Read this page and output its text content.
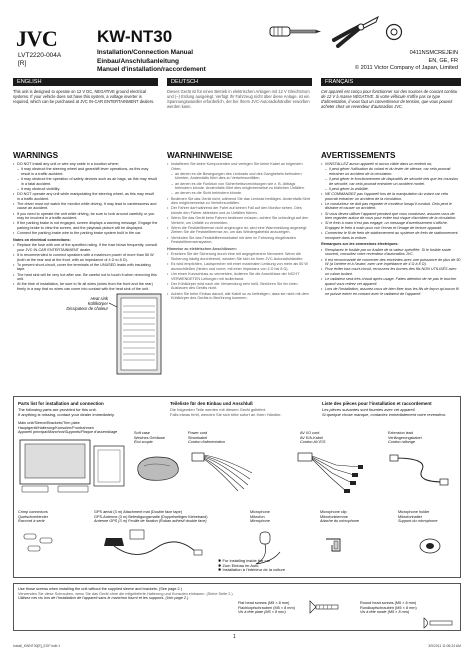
JVC KW-NT30
LVT2220-004A
[R]
Installation/Connection Manual
Einbau/Anschlußanleitung
Manuel d'installation/raccordement
0411NSMCREJEIN
EN, GE, FR
© 2011 Victor Company of Japan, Limited
ENGLISH	DEUTSCH	FRANÇAIS
This unit is designed to operate on 12 V DC, NEGATIVE ground electrical systems. If your vehicle does not have this system, a voltage inverter is required, which can be purchased at JVC IN-CAR ENTERTAINMENT dealers.
Dieses Gerät ist für einen Betrieb in elektrischen Anlagen mit 12 V Gleichstrom und (–) Erdung ausgelegt. Verfügt Ihr Fahrzeug nicht über diese Anlage, ist ein Spannungswandler erforderlich, der bei Ihrem JVC-Autoradiohändler erworben werden kann.
Cet appareil est conçu pour fonctionner sur des sources de courant continu de 12 V à masse NÉGATIVE. Si votre véhicule n'offre pas ce type d'alimentation, il vous faut un convertisseur de tension, que vous pouvez acheter chez un revendeur d'autoradios JVC.
WARNINGS	WARNHINWEISE	AVERTISSEMENTS
• DO NOT install any unit or wire any cable in a location where;
– it may obstruct the steering wheel and gearshift lever operations, as this may result in a traffic accident.
– it may obstruct the operation of safety devices such as air bags, as this may result in a fatal accident.
– it may obstruct visibility.
• DO NOT operate any unit while manipulating the steering wheel, as this may result in a traffic accident.
• The driver must not watch the monitor while driving. It may lead to carelessness and cause an accident.
• If you need to operate the unit while driving, be sure to look around carefully or you may be involved in a traffic accident.
• If the parking brake is not engaged, screen displays a warning message. Engage the parking brake to view the screen, and the playback picture will be displayed.
• Connect the parking brake wire to the parking brake system built in the car.
Notes on electrical connections:
• Replace the fuse with one of the specified rating. If the fuse blows frequently, consult your JVC IN-CAR ENTERTAINMENT dealer.
• It is recommended to connect speakers with a maximum power of more than 50 W (both at the rear and at the front, with an impedance of 4 Ω to 8 Ω).
• To prevent short-circuit, cover the terminals of the UNUSED leads with insulating tape.
• The heat sink will be very hot after use. Be careful not to touch it when removing this unit.
• At the time of installation, be sure to fix all wires (wires from the front and the rear) firmly in a way that no wires can come into contact with the heat sink of the unit.
• Installieren Sie keine Komponenten und verlegen Sie keine Kabel an folgenden Orten:
– an denen es die Bewegungen des Lenkrads und des Ganghebels behindern könnten, Andernfalls führt dies zu Verkehrsunfällen.
– an denen es die Funktion von Sicherheitsvorrichtungen wie z. B. Airbags behindern könnte. Andernfalls führt dies möglicherweise zu tödlichen Unfällen.
– an denen es die Sicht behindern könnte.
• Bedienen Sie das Gerät nicht, während Sie das Lenkrad betätigen. Andernfalls führt dies möglicherweise zu Verkehrsunfällen.
• Der Fahrer darf während der Fahrt auf keinen Fall auf den Monitor sehen. Dies könnte den Fahrer ablenken und zu Unfällen führen.
• Wenn Sie das Gerät beim Fahren bedienen müssen, achten Sie unbedingt auf den Verkehr, um Unfälle zu vermeiden.
• Wenn die Feststellbremse nicht angezogen ist, wird eine Warnmeldung angezeigt. Ziehen Sie die Feststellbremse an, um das Wiedergabebild anzuzeigen.
• Verbinden Sie das Feststellbremsekabel mit dem im Fahrzeug eingebauten Feststellbremsensystem.
Hinweise zu elektrischen Anschlüssen:
• Ersetzen Sie die Sicherung durch eine mit angegebenem Nennwert. Wenn die Sicherung häufig durchbrennt, wenden Sie sich an Ihren JVC-Autoradiohändler.
• Es wird empfohlen, Lautsprecher mit einer maximalen Leistung von mehr als 50 W anzuschließen (hinten und vorne, mit einer Impedanz von 4 Ω bis 8 Ω).
• Um einen Kurzschluss zu vermeiden, isolieren Sie die Anschlüsse der NICHT VERWENDETEN Leitungen mit Isolierband.
• Der Kühlkörper wird nach der Verwendung sehr heiß. Berühren Sie ihn beim Ausbauen des Geräts nicht.
• Achten Sie beim Einbau darauf, alle Kabel so zu befestigen, dass sie nicht mit dem Kühlkörper des Geräts in Berührung kommen.
• N'INSTALLEZ aucun appareil ni aucun câble dans un endroit où;
– il peut gêner l'utilisation du volant et du levier de vitesse, car cela pourrait entraîner un accident de la circulation.
– il peut gêner le fonctionnement de dispositifs de sécurité tels que les coussins de sécurité, car cela pourrait entraîner un accident mortel.
– il peut gêner la visibilité.
• NE COMMANDEZ pas l'appareil lors de la manipulation du volant car cela pourrait entraîner un accident de la circulation.
• Le conducteur ne doit pas regarder le moniteur lorsqu'il conduit. Cela peut le distraire et causer un accident.
• Si vous devez utiliser l'appareil pendant que vous conduisez, assurez-vous de bien regarder autour de vous pour éviter tout risque d'accident de la circulation.
• Si le frein à main n'est pas engagé, un message d'avertissement s'affiche. Engagez le frein à main pour voir l'écran et l'image de lecture apparaît.
• Connectez le fil de frein de stationnement au système de frein de stationnement incorporé dans la voiture.
Remarques sur les connexions électriques:
• Remplacez le fusible par un fusible de la valeur spécifiée. Si le fusible saute souvent, consultez votre revendeur d'autoradios JVC.
• Il est recommandé de connecter des enceintes avec une puissance de plus de 50 W (à l'arrière et à l'avant, avec une impédance de 4 Ω à 8 Ω).
• Pour éviter tout court-circuit, recouvrez les bornes des fils NON UTILISÉS avec un ruban isolant.
• Le radiateur sera très chaud après usage. Faites attention de ne pas le toucher quand vous retirez cet appareil.
• Lors de l'installation, assurez-vous de bien fixer tous les fils de façon qu'aucun fil ne puisse entrer en contact avec le radiateur de l'appareil.
Heat sink
Kühlkörper
Dissipateur de chaleur
Parts list for installation and connection
The following parts are provided for this unit.
If anything is missing, contact your dealer immediately.
Teileliste für den Einbau und Anschluß
Die folgenden Teile werden mit diesem Gerät geliefert.
Falls etwas fehlt, wenden Sie sich bitte sofort an Ihren Händler.
Liste des pièces pour l'installation et raccordement
Les pièces suivantes sont fournies avec cet appareil.
Si quelque chose manque, contactez immédiatement votre revendeur.
Main unit/Sleeve/Brackets/Trim plate
Hauptgerät/Halterung/Konsolen/Frontrahmen
Appareil principal/Manchon/Supports/Plaque d'assemblage	Soft case
Weiches Gehäuse
Étui souple
Power cord
Stromkabel
Cordon d'alimentation
AV I/O cord
AV E/A-Kabel
Cordon AV E/S
Extension lead
Verlängerungskabel
Cordon rallonge
Crimp connectors
Quetschverbinder
Raccord à sertir
GPS aerial (3 m) Attachment mat (Double face tape)
GPS-Antenne (3 m) Befestigungsmatte (Doppelseitiges Klebeband)
Antenne GPS (3 m) Feuille de fixation (Ruban adhésif double face)
Microphone
Mikrofon
Microphone
Microphone clip
Mikrofonklemme
Attache du microphone
Microphone holder
Mikrofonhalter
Support du microphone
✱ For installing inside the car
✱ Zum Einbau im Auto
✱ Installation à l'intérieur de la voiture
Use those screws when installing the unit without the supplied sleeve and brackets. (See page 2.)
Verwenden Sie diese Schrauben, wenn Sie das Gerät ohne die mitgelieferte Halterung und Konsolen einbauen. (Siehe Seite 2.)
Utilisez ces vis lors de l'installation de l'appareil sans le manchon fourni et les supports. (Voir page 2.)
Flat head screws (M5 × 8 mm)
Flachkopfschrauben (M5 × 8 mm)
Vis à tête plate (M5 × 8 mm)
Round head screws (M5 × 8 mm)
Rundkopfschrauben (M5 × 8 mm)
Vis à tête ronde (M5 × 8 mm)
1
Install_KWNT30[E]_EGF.indb 1	3/9/2011 11:06:24 AM
